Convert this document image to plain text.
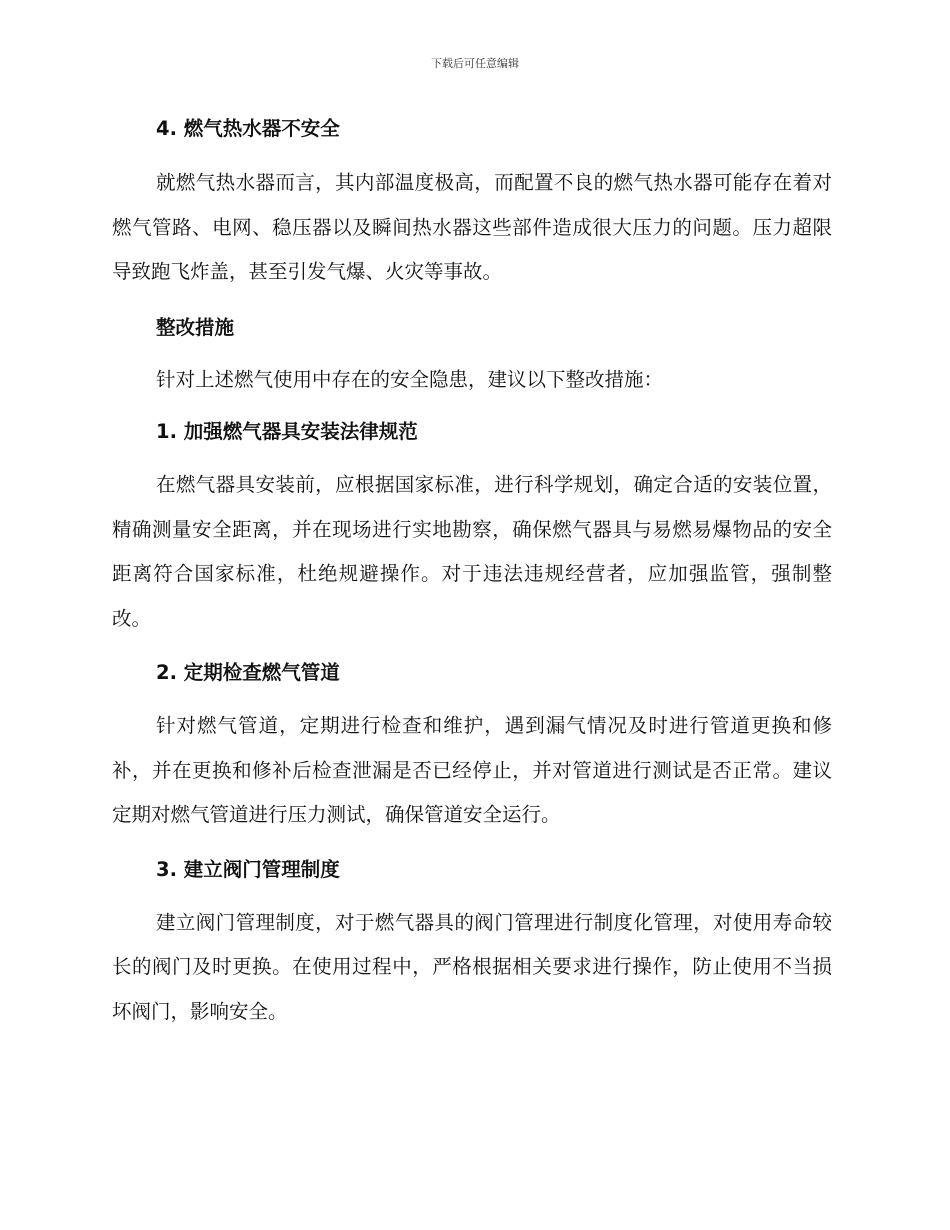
下载后可任意编辑
4. 燃气热水器不安全

就燃气热水器而言，其内部温度极高，而配置不良的燃气热水器可能存在着对燃气管路、电网、稳压器以及瞬间热水器这些部件造成很大压力的问题。压力超限导致跑飞炸盖，甚至引发气爆、火灾等事故。

整改措施

针对上述燃气使用中存在的安全隐患，建议以下整改措施：

1. 加强燃气器具安装法律规范

在燃气器具安装前，应根据国家标准，进行科学规划，确定合适的安装位置，精确测量安全距离，并在现场进行实地勘察，确保燃气器具与易燃易爆物品的安全距离符合国家标准，杜绝规避操作。对于违法违规经营者，应加强监管，强制整改。

2. 定期检查燃气管道

针对燃气管道，定期进行检查和维护，遇到漏气情况及时进行管道更换和修补，并在更换和修补后检查泄漏是否已经停止，并对管道进行测试是否正常。建议定期对燃气管道进行压力测试，确保管道安全运行。

3. 建立阀门管理制度

建立阀门管理制度，对于燃气器具的阀门管理进行制度化管理，对使用寿命较长的阀门及时更换。在使用过程中，严格根据相关要求进行操作，防止使用不当损坏阀门，影响安全。
